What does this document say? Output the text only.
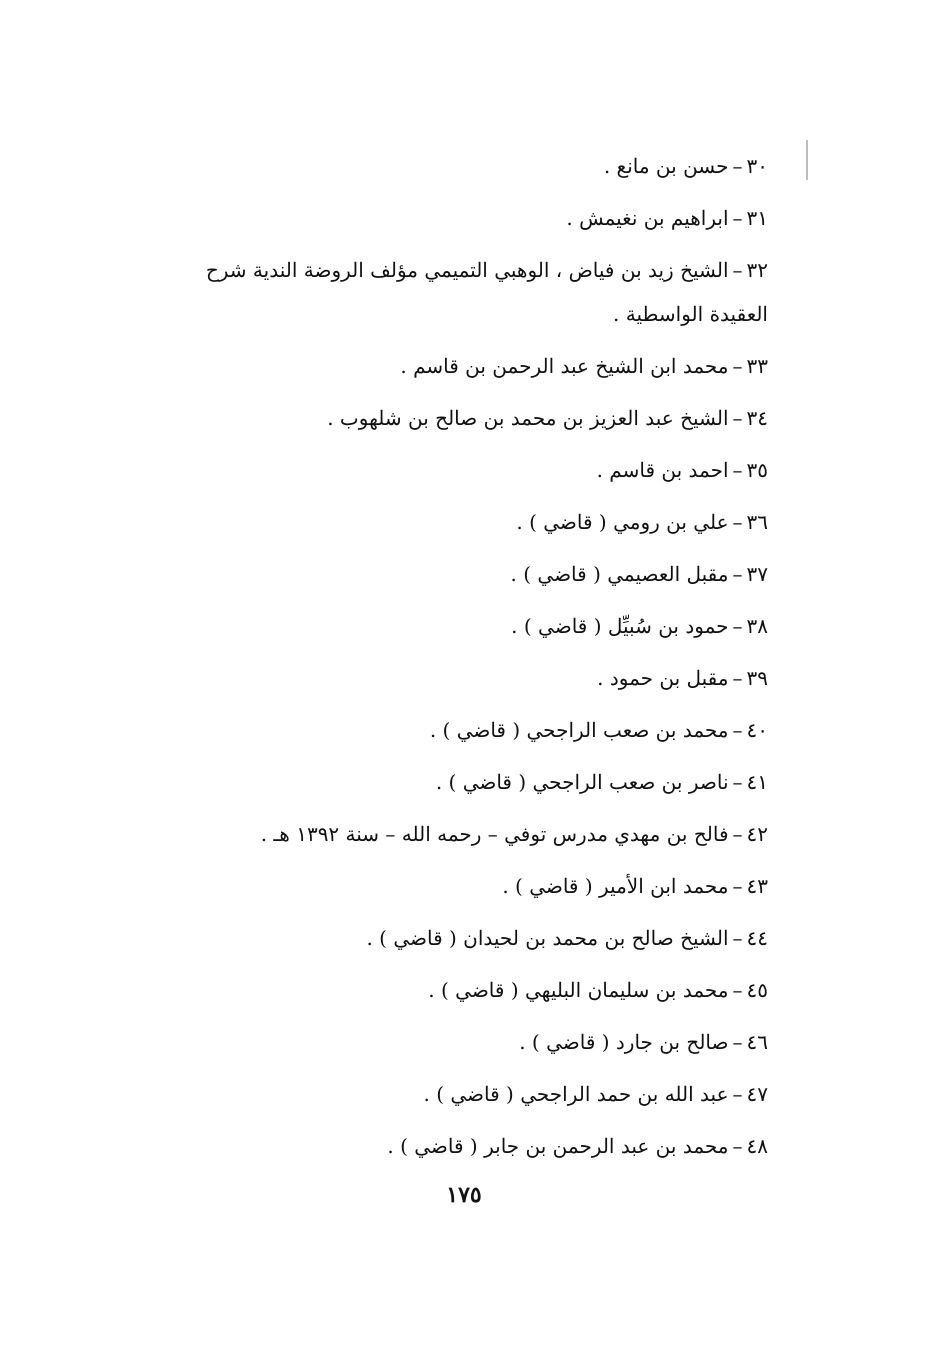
٣٠–حسن بن مانع .

٣١–ابراهيم بن نغيمش .

٣٢–الشيخ زيد بن فياض ، الوهبي التميمي مؤلف الروضة الندية شرح العقيدة الواسطية .

٣٣–محمد ابن الشيخ عبد الرحمن بن قاسم .

٣٤–الشيخ عبد العزيز بن محمد بن صالح بن شلهوب .

٣٥–احمد بن قاسم .

٣٦–علي بن رومي ( قاضي ) .

٣٧–مقبل العصيمي ( قاضي ) .

٣٨–حمود بن سُبيِّل ( قاضي ) .

٣٩–مقبل بن حمود .

٤٠–محمد بن صعب الراجحي ( قاضي ) .

٤١–ناصر بن صعب الراجحي ( قاضي ) .

٤٢–فالح بن مهدي مدرس توفي – رحمه الله – سنة ١٣٩٢ هـ .

٤٣–محمد ابن الأمير ( قاضي ) .

٤٤–الشيخ صالح بن محمد بن لحيدان ( قاضي ) .

٤٥–محمد بن سليمان البليهي ( قاضي ) .

٤٦–صالح بن جارد ( قاضي ) .

٤٧–عبد الله بن حمد الراجحي ( قاضي ) .

٤٨–محمد بن عبد الرحمن بن جابر ( قاضي ) .

١٧٥
